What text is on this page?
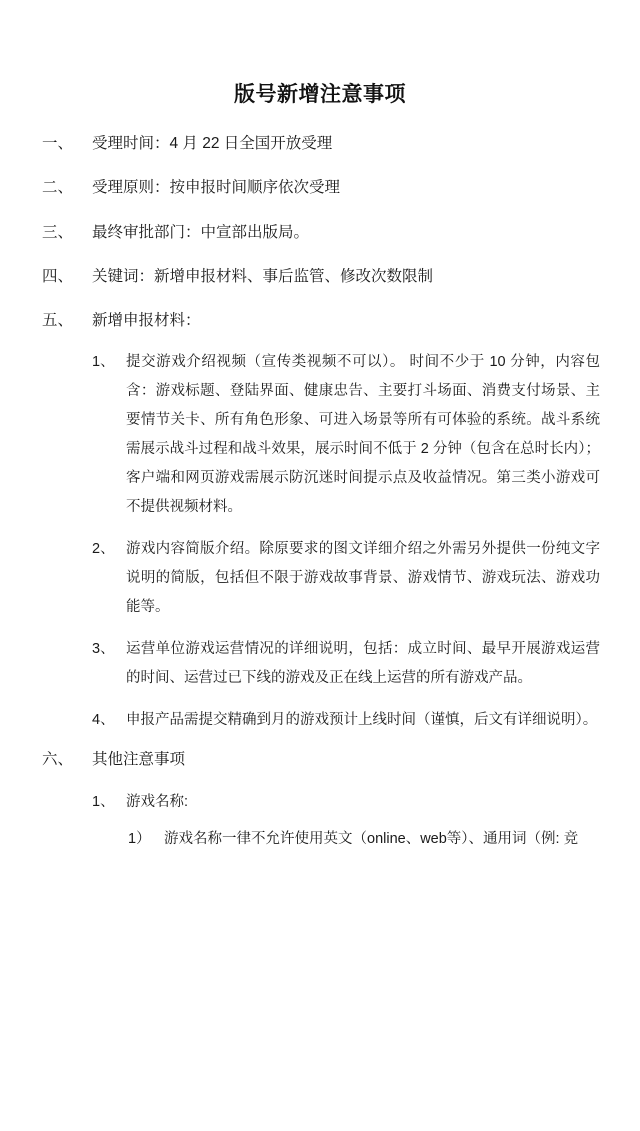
版号新增注意事项
一、	受理时间：4 月 22 日全国开放受理
二、	受理原则：按申报时间顺序依次受理
三、	最终审批部门：中宣部出版局。
四、	关键词：新增申报材料、事后监管、修改次数限制
五、	新增申报材料：
1、 提交游戏介绍视频（宣传类视频不可以）。 时间不少于 10 分钟，内容包含：游戏标题、登陆界面、健康忠告、主要打斗场面、消费支付场景、主要情节关卡、所有角色形象、可进入场景等所有可体验的系统。战斗系统需展示战斗过程和战斗效果，展示时间不低于 2 分钟（包含在总时长内）；客户端和网页游戏需展示防沉迷时间提示点及收益情况。第三类小游戏可不提供视频材料。
2、 游戏内容简版介绍。除原要求的图文详细介绍之外需另外提供一份纯文字说明的简版，包括但不限于游戏故事背景、游戏情节、游戏玩法、游戏功能等。
3、 运营单位游戏运营情况的详细说明，包括：成立时间、最早开展游戏运营的时间、运营过已下线的游戏及正在线上运营的所有游戏产品。
4、 申报产品需提交精确到月的游戏预计上线时间（谨慎，后文有详细说明）。
六、	其他注意事项
1、 游戏名称:
1） 游戏名称一律不允许使用英文（online、web等）、通用词（例: 竞
